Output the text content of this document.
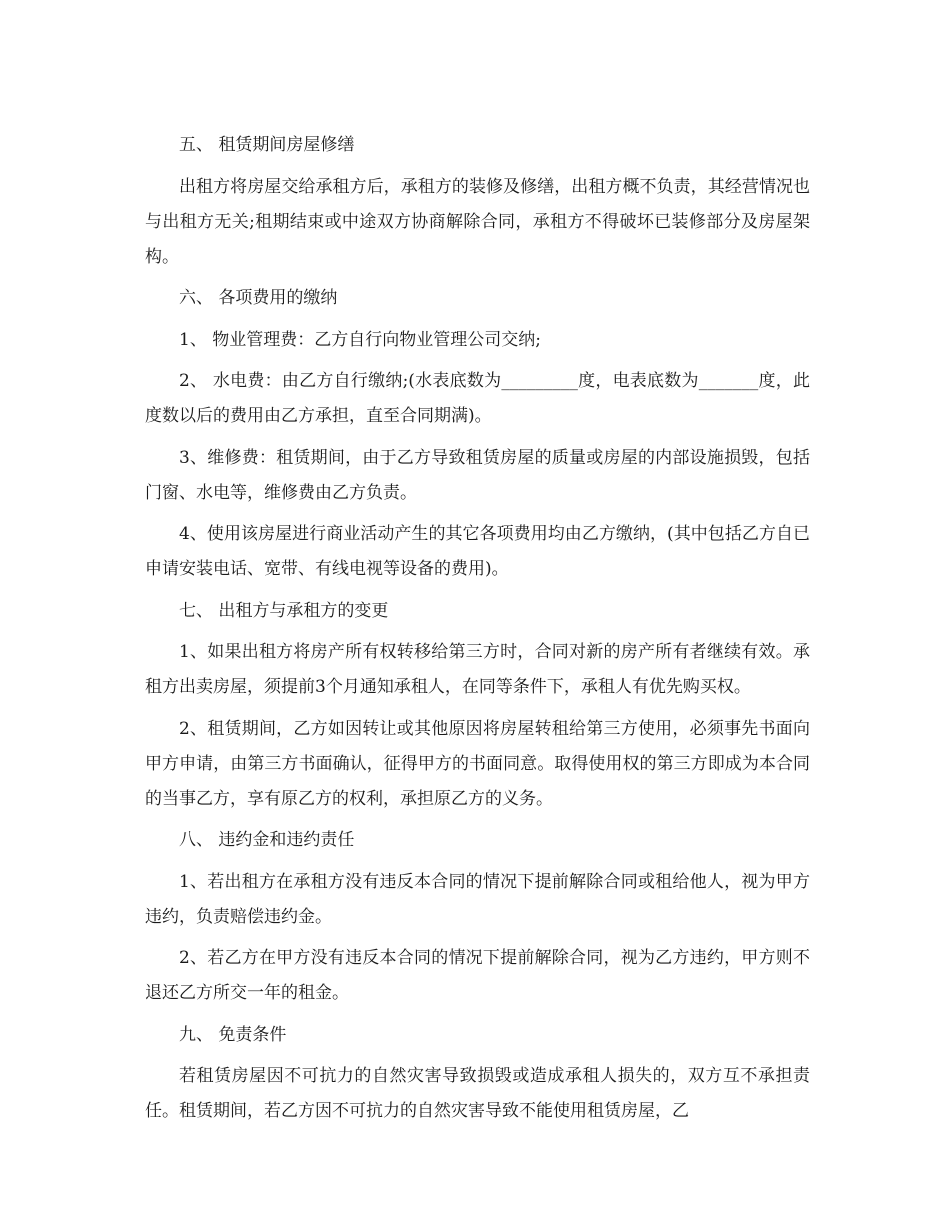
五、 租赁期间房屋修缮

出租方将房屋交给承租方后，承租方的装修及修缮，出租方概不负责，其经营情况也与出租方无关;租期结束或中途双方协商解除合同，承租方不得破坏已装修部分及房屋架构。

六、 各项费用的缴纳

1、 物业管理费：乙方自行向物业管理公司交纳;

2、 水电费：由乙方自行缴纳;(水表底数为_________度，电表底数为_______度，此度数以后的费用由乙方承担，直至合同期满)。

3、维修费：租赁期间，由于乙方导致租赁房屋的质量或房屋的内部设施损毁，包括门窗、水电等，维修费由乙方负责。

4、使用该房屋进行商业活动产生的其它各项费用均由乙方缴纳，(其中包括乙方自已申请安装电话、宽带、有线电视等设备的费用)。

七、 出租方与承租方的变更

1、如果出租方将房产所有权转移给第三方时，合同对新的房产所有者继续有效。承租方出卖房屋，须提前3个月通知承租人，在同等条件下，承租人有优先购买权。

2、租赁期间，乙方如因转让或其他原因将房屋转租给第三方使用，必须事先书面向甲方申请，由第三方书面确认，征得甲方的书面同意。取得使用权的第三方即成为本合同的当事乙方，享有原乙方的权利，承担原乙方的义务。

八、 违约金和违约责任

1、若出租方在承租方没有违反本合同的情况下提前解除合同或租给他人，视为甲方违约，负责赔偿违约金。

2、若乙方在甲方没有违反本合同的情况下提前解除合同，视为乙方违约，甲方则不退还乙方所交一年的租金。

九、 免责条件

若租赁房屋因不可抗力的自然灾害导致损毁或造成承租人损失的，双方互不承担责任。租赁期间，若乙方因不可抗力的自然灾害导致不能使用租赁房屋，乙
